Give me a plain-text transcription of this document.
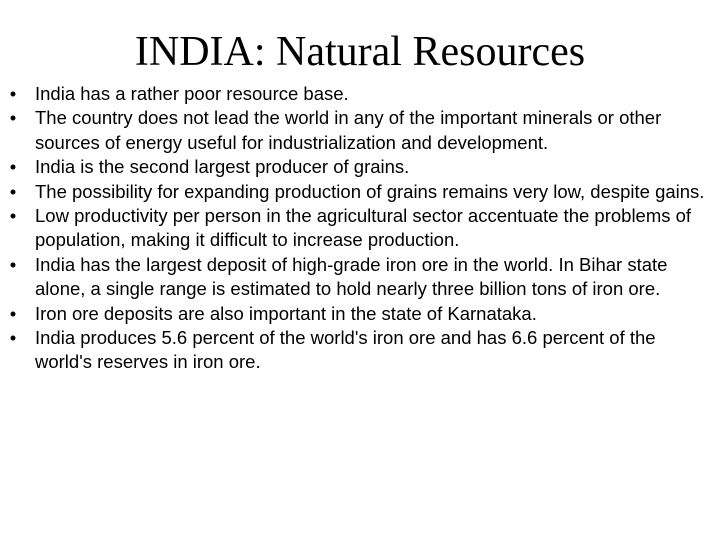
INDIA: Natural Resources
• India has a rather poor resource base.
• The country does not lead the world in any of the important minerals or other sources of energy useful for industrialization and development.
• India is the second largest producer of grains.
• The possibility for expanding production of grains remains very low, despite gains.
• Low productivity per person in the agricultural sector accentuate the problems of population, making it difficult to increase production.
• India has the largest deposit of high-grade iron ore in the world. In Bihar state alone, a single range is estimated to hold nearly three billion tons of iron ore.
• Iron ore deposits are also important in the state of Karnataka.
• India produces 5.6 percent of the world's iron ore and has 6.6 percent of the world's reserves in iron ore.
